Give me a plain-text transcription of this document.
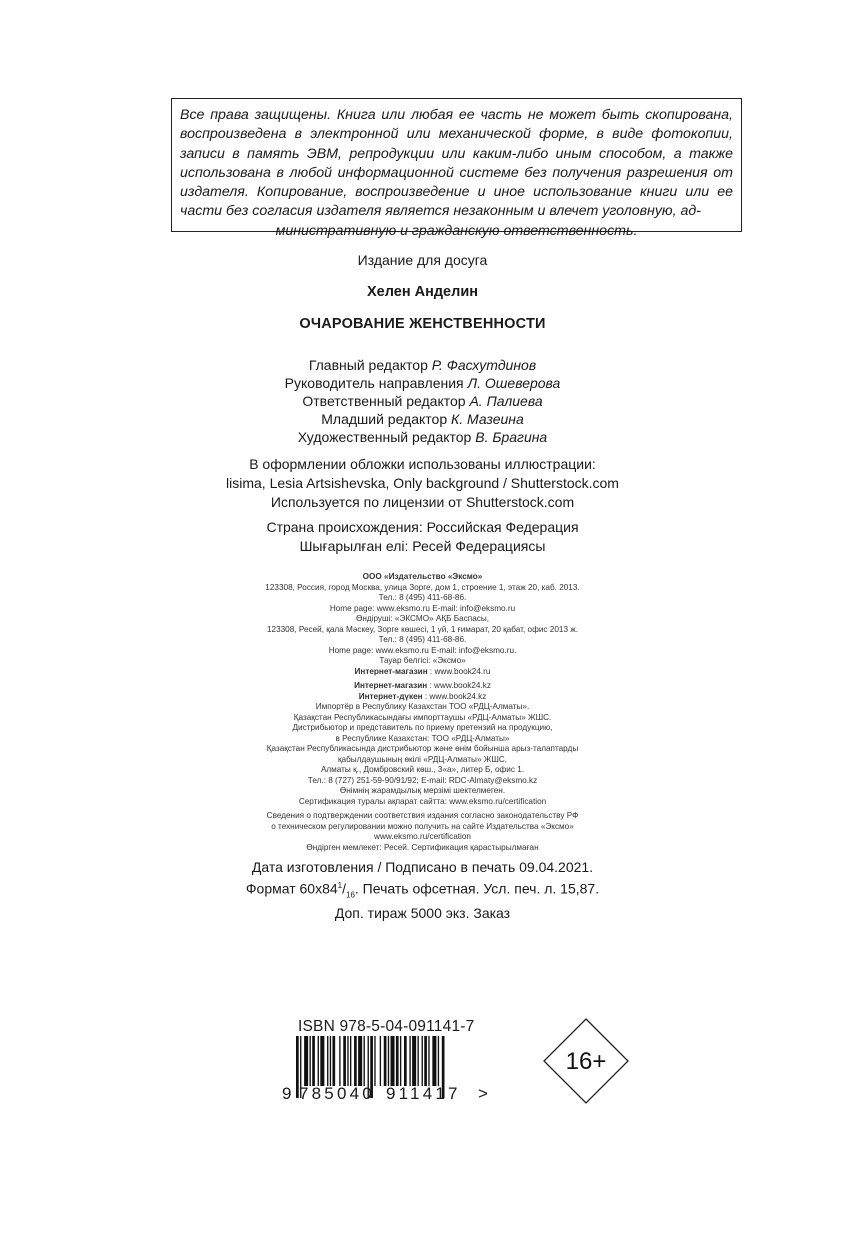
Все права защищены. Книга или любая ее часть не может быть скопирована, воспроизведена в электронной или механической форме, в виде фотокопии, записи в память ЭВМ, репродукции или каким-либо иным способом, а также использована в любой информационной системе без получения разрешения от издателя. Копирование, воспроизведение и иное использование книги или ее части без согласия издателя является незаконным и влечет уголовную, ад-
министративную и гражданскую ответственность.
Издание для досуга
Хелен Анделин
ОЧАРОВАНИЕ ЖЕНСТВЕННОСТИ
Главный редактор Р. Фасхутдинов
Руководитель направления Л. Ошеверова
Ответственный редактор А. Палиева
Младший редактор К. Мазеина
Художественный редактор В. Брагина
В оформлении обложки использованы иллюстрации:
lisima, Lesia Artsishevska, Only background / Shutterstock.com
Используется по лицензии от Shutterstock.com
Страна происхождения: Российская Федерация
Шығарылған елі: Ресей Федерациясы
ООО «Издательство «Эксмо»
123308, Россия, город Москва, улица Зорге, дом 1, строение 1, этаж 20, каб. 2013.
Тел.: 8 (495) 411-68-86.
Home page: www.eksmo.ru E-mail: info@eksmo.ru
Өндіруші: «ЭКСМО» АҚБ Баспасы,
123308, Ресей, қала Мәскеу, Зорге көшесі, 1 үй, 1 ғимарат, 20 қабат, офис 2013 ж.
Тел.: 8 (495) 411-68-86.
Home page: www.eksmo.ru E-mail: info@eksmo.ru.
Тауар белгісі: «Эксмо»
Интернет-магазин : www.book24.ru
Интернет-магазин : www.book24.kz
Интернет-дүкен : www.book24.kz
Импортёр в Республику Казахстан ТОО «РДЦ-Алматы».
Қазақстан Республикасындағы импорттаушы «РДЦ-Алматы» ЖШС.
Дистрибьютор и представитель по приему претензий на продукцию,
в Республике Казахстан: ТОО «РДЦ-Алматы»
Қазақстан Республикасында дистрибьютор және өнім бойынша арыз-талаптарды
қабылдаушының өкілі «РДЦ-Алматы» ЖШС,
Алматы қ., Домбровский көш., 3«а», литер Б, офис 1.
Тел.: 8 (727) 251-59-90/91/92; E-mail: RDC-Almaty@eksmo.kz
Өнімнің жарамдылық мерзімі шектелмеген.
Сертификация туралы ақпарат сайтта: www.eksmo.ru/certification
Сведения о подтверждении соответствия издания согласно законодательству РФ
о техническом регулировании можно получить на сайте Издательства «Эксмо»
www.eksmo.ru/certification
Өндірген мемлекет: Ресей. Сертификация қарастырылмаған
Дата изготовления / Подписано в печать 09.04.2021.
Формат $60x84^1/_{16}$. Печать офсетная. Усл. печ. л. 15,87.
Доп. тираж 5000 экз. Заказ
ISBN 978-5-04-091141-7
9 785040 911417 >
16+
